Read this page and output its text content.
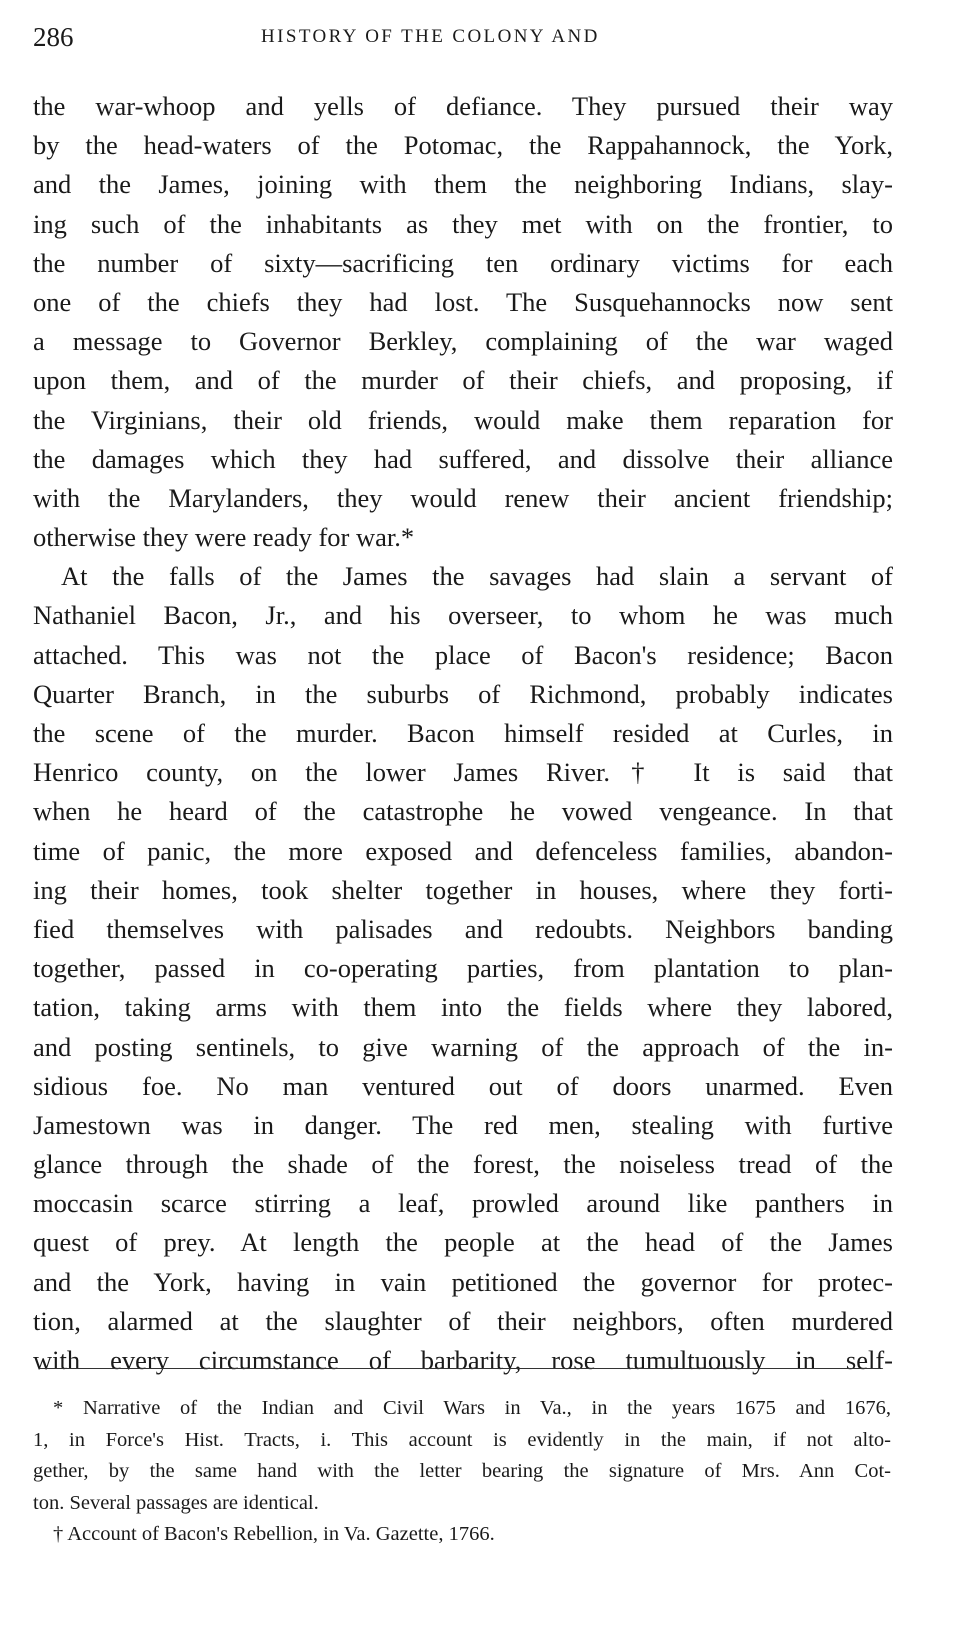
286	HISTORY OF THE COLONY AND
the war-whoop and yells of defiance. They pursued their way
by the head-waters of the Potomac, the Rappahannock, the York,
and the James, joining with them the neighboring Indians, slay-
ing such of the inhabitants as they met with on the frontier, to
the number of sixty—sacrificing ten ordinary victims for each
one of the chiefs they had lost. The Susquehannocks now sent
a message to Governor Berkley, complaining of the war waged
upon them, and of the murder of their chiefs, and proposing, if
the Virginians, their old friends, would make them reparation for
the damages which they had suffered, and dissolve their alliance
with the Marylanders, they would renew their ancient friendship;
otherwise they were ready for war.*
At the falls of the James the savages had slain a servant of
Nathaniel Bacon, Jr., and his overseer, to whom he was much
attached. This was not the place of Bacon's residence; Bacon
Quarter Branch, in the suburbs of Richmond, probably indicates
the scene of the murder. Bacon himself resided at Curles, in
Henrico county, on the lower James River.† It is said that
when he heard of the catastrophe he vowed vengeance. In that
time of panic, the more exposed and defenceless families, abandon-
ing their homes, took shelter together in houses, where they forti-
fied themselves with palisades and redoubts. Neighbors banding
together, passed in co-operating parties, from plantation to plan-
tation, taking arms with them into the fields where they labored,
and posting sentinels, to give warning of the approach of the in-
sidious foe. No man ventured out of doors unarmed. Even
Jamestown was in danger. The red men, stealing with furtive
glance through the shade of the forest, the noiseless tread of the
moccasin scarce stirring a leaf, prowled around like panthers in
quest of prey. At length the people at the head of the James
and the York, having in vain petitioned the governor for protec-
tion, alarmed at the slaughter of their neighbors, often murdered
with every circumstance of barbarity, rose tumultuously in self-
* Narrative of the Indian and Civil Wars in Va., in the years 1675 and 1676,
1, in Force's Hist. Tracts, i. This account is evidently in the main, if not alto-
gether, by the same hand with the letter bearing the signature of Mrs. Ann Cot-
ton. Several passages are identical.
† Account of Bacon's Rebellion, in Va. Gazette, 1766.
